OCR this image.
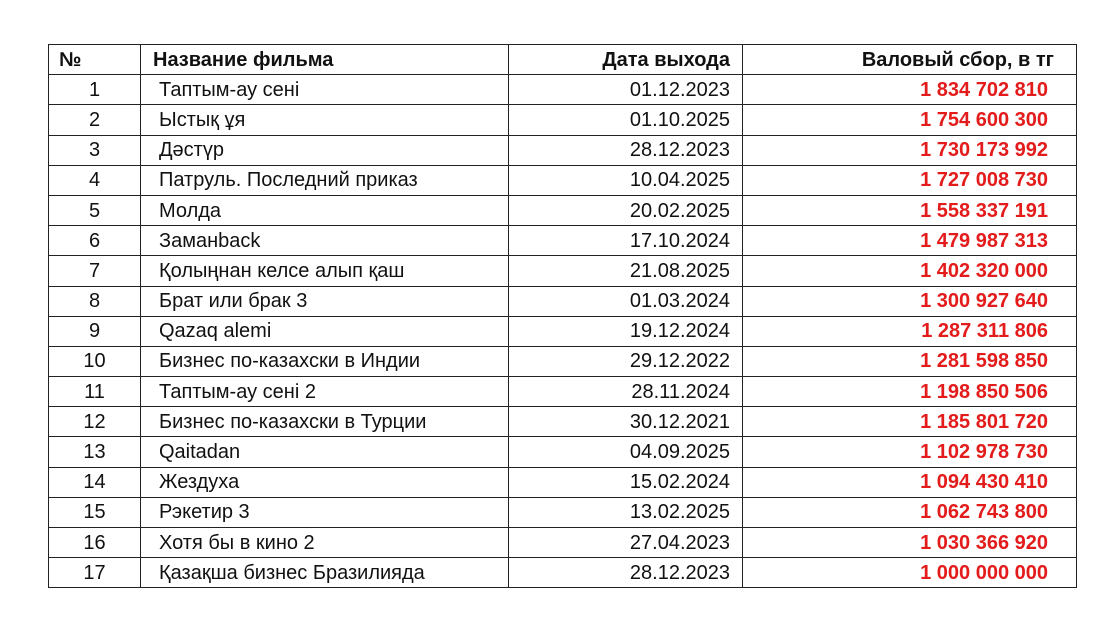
№	Название фильма	Дата выхода	Валовый сбор, в тг
1	Таптым-ау сені	01.12.2023	1 834 702 810
2	Ыстық ұя	01.10.2025	1 754 600 300
3	Дәстүр	28.12.2023	1 730 173 992
4	Патруль. Последний приказ	10.04.2025	1 727 008 730
5	Молда	20.02.2025	1 558 337 191
6	Заманback	17.10.2024	1 479 987 313
7	Қолыңнан келсе алып қаш	21.08.2025	1 402 320 000
8	Брат или брак 3	01.03.2024	1 300 927 640
9	Qazaq alemi	19.12.2024	1 287 311 806
10	Бизнес по-казахски в Индии	29.12.2022	1 281 598 850
11	Таптым-ау сені 2	28.11.2024	1 198 850 506
12	Бизнес по-казахски в Турции	30.12.2021	1 185 801 720
13	Qaitadan	04.09.2025	1 102 978 730
14	Жездуха	15.02.2024	1 094 430 410
15	Рэкетир 3	13.02.2025	1 062 743 800
16	Хотя бы в кино 2	27.04.2023	1 030 366 920
17	Қазақша бизнес Бразилияда	28.12.2023	1 000 000 000
